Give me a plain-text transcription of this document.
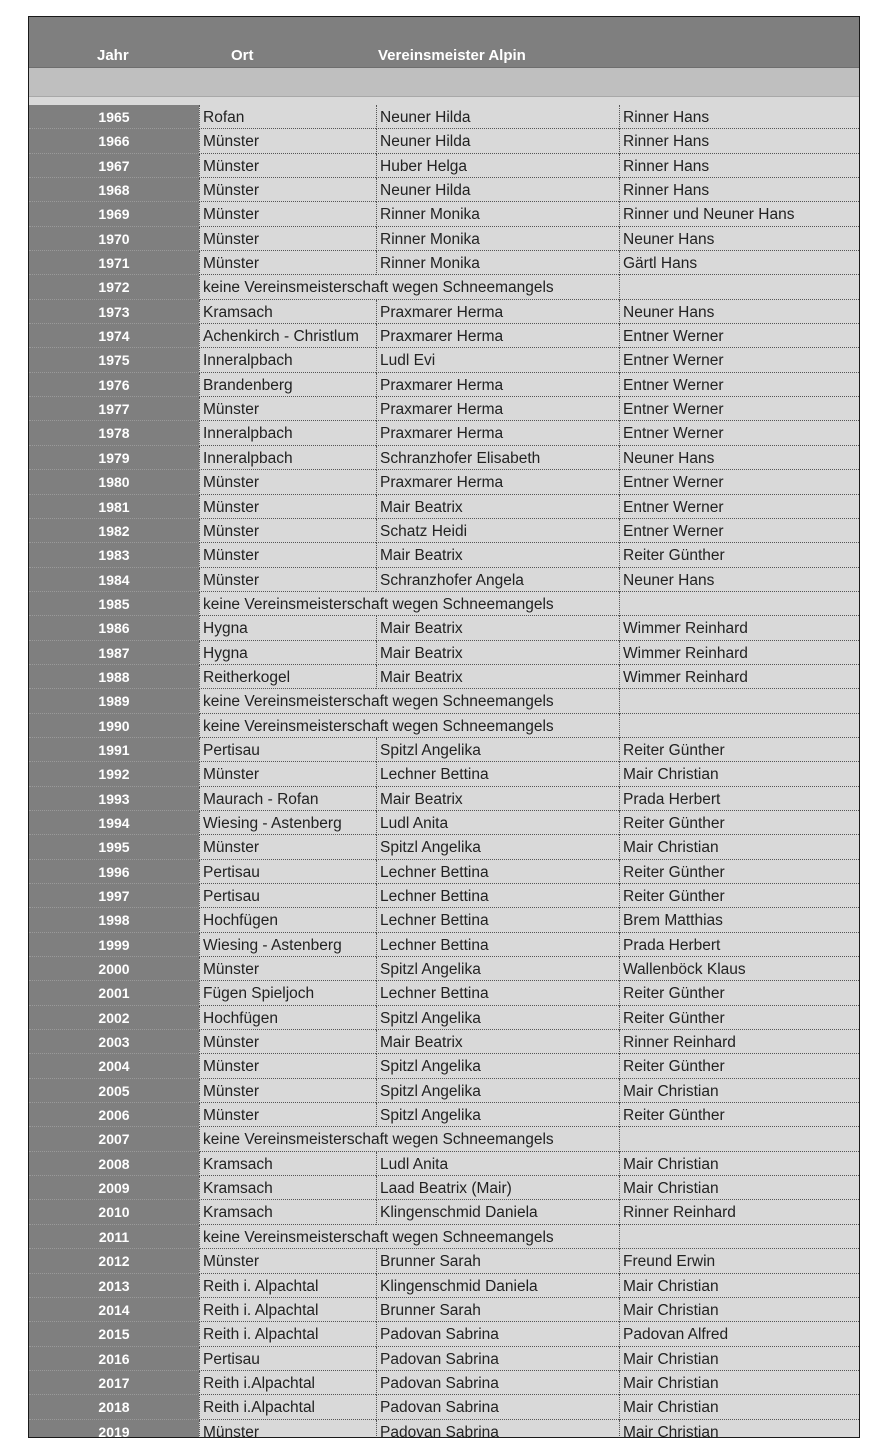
Jahr	Ort	Vereinsmeister Alpin
1965	Rofan	Neuner Hilda	Rinner Hans
1966	Münster	Neuner Hilda	Rinner Hans
1967	Münster	Huber Helga	Rinner Hans
1968	Münster	Neuner Hilda	Rinner Hans
1969	Münster	Rinner Monika	Rinner und Neuner Hans
1970	Münster	Rinner Monika	Neuner Hans
1971	Münster	Rinner Monika	Gärtl Hans
1972	keine Vereinsmeisterschaft wegen Schneemangels
1973	Kramsach	Praxmarer Herma	Neuner Hans
1974	Achenkirch - Christlum	Praxmarer Herma	Entner Werner
1975	Inneralpbach	Ludl Evi	Entner Werner
1976	Brandenberg	Praxmarer Herma	Entner Werner
1977	Münster	Praxmarer Herma	Entner Werner
1978	Inneralpbach	Praxmarer Herma	Entner Werner
1979	Inneralpbach	Schranzhofer Elisabeth	Neuner Hans
1980	Münster	Praxmarer Herma	Entner Werner
1981	Münster	Mair Beatrix	Entner Werner
1982	Münster	Schatz Heidi	Entner Werner
1983	Münster	Mair Beatrix	Reiter Günther
1984	Münster	Schranzhofer Angela	Neuner Hans
1985	keine Vereinsmeisterschaft wegen Schneemangels
1986	Hygna	Mair Beatrix	Wimmer Reinhard
1987	Hygna	Mair Beatrix	Wimmer Reinhard
1988	Reitherkogel	Mair Beatrix	Wimmer Reinhard
1989	keine Vereinsmeisterschaft wegen Schneemangels
1990	keine Vereinsmeisterschaft wegen Schneemangels
1991	Pertisau	Spitzl Angelika	Reiter Günther
1992	Münster	Lechner Bettina	Mair Christian
1993	Maurach - Rofan	Mair Beatrix	Prada Herbert
1994	Wiesing - Astenberg	Ludl Anita	Reiter Günther
1995	Münster	Spitzl Angelika	Mair Christian
1996	Pertisau	Lechner Bettina	Reiter Günther
1997	Pertisau	Lechner Bettina	Reiter Günther
1998	Hochfügen	Lechner Bettina	Brem Matthias
1999	Wiesing - Astenberg	Lechner Bettina	Prada Herbert
2000	Münster	Spitzl Angelika	Wallenböck Klaus
2001	Fügen Spieljoch	Lechner Bettina	Reiter Günther
2002	Hochfügen	Spitzl Angelika	Reiter Günther
2003	Münster	Mair Beatrix	Rinner Reinhard
2004	Münster	Spitzl Angelika	Reiter Günther
2005	Münster	Spitzl Angelika	Mair Christian
2006	Münster	Spitzl Angelika	Reiter Günther
2007	keine Vereinsmeisterschaft wegen Schneemangels
2008	Kramsach	Ludl Anita	Mair Christian
2009	Kramsach	Laad Beatrix (Mair)	Mair Christian
2010	Kramsach	Klingenschmid Daniela	Rinner Reinhard
2011	keine Vereinsmeisterschaft wegen Schneemangels
2012	Münster	Brunner Sarah	Freund Erwin
2013	Reith i. Alpachtal	Klingenschmid Daniela	Mair Christian
2014	Reith i. Alpachtal	Brunner Sarah	Mair Christian
2015	Reith i. Alpachtal	Padovan Sabrina	Padovan Alfred
2016	Pertisau	Padovan Sabrina	Mair Christian
2017	Reith i.Alpachtal	Padovan Sabrina	Mair Christian
2018	Reith i.Alpachtal	Padovan Sabrina	Mair Christian
2019	Münster	Padovan Sabrina	Mair Christian
